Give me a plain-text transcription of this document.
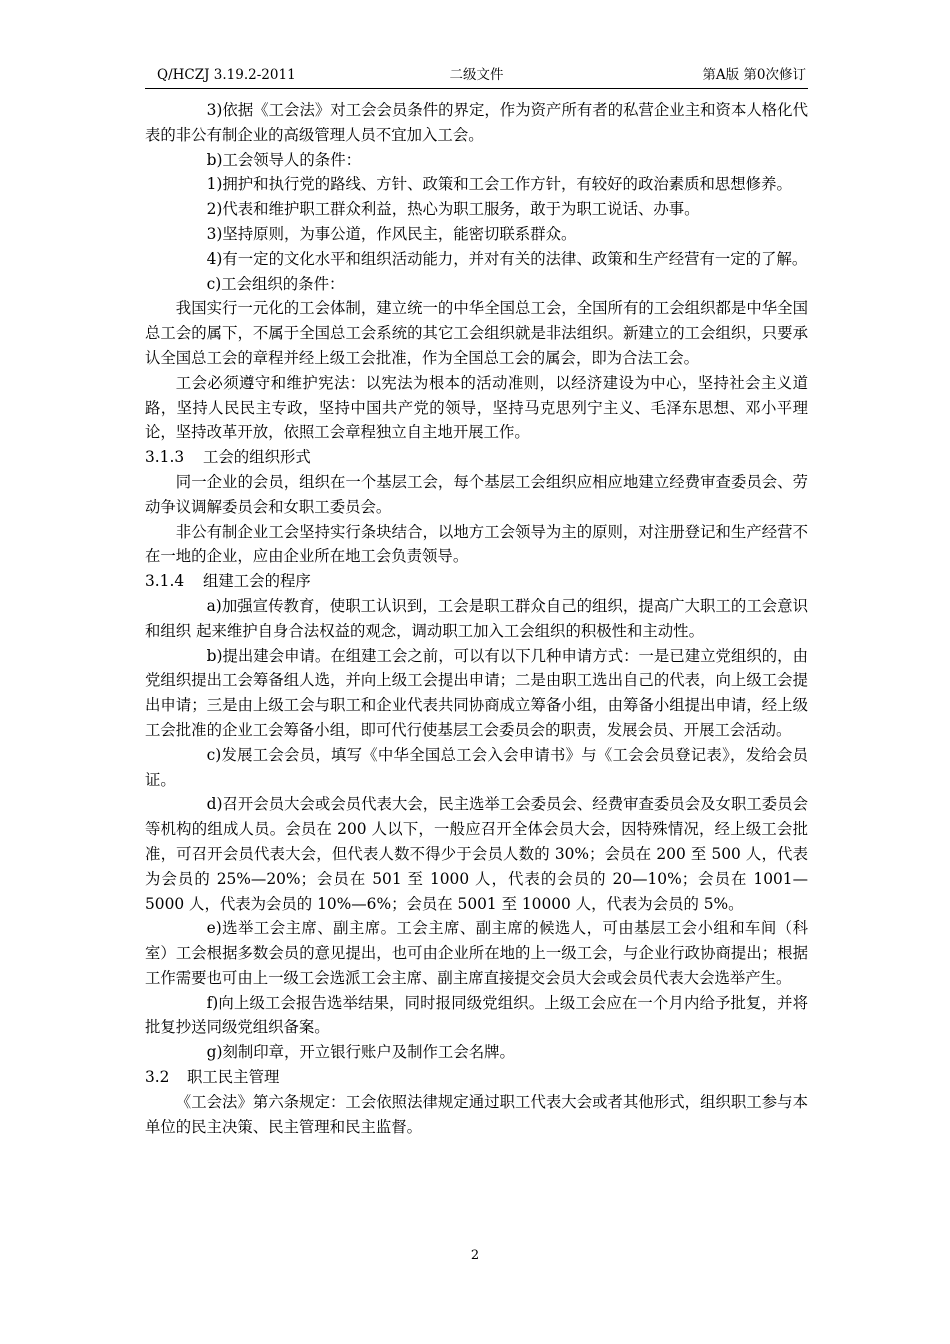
Q/HCZJ 3.19.2-2011	二级文件	第A版 第0次修订

3)依据《工会法》对工会会员条件的界定，作为资产所有者的私营企业主和资本人格化代表的非公有制企业的高级管理人员不宜加入工会。

b)工会领导人的条件：

1)拥护和执行党的路线、方针、政策和工会工作方针，有较好的政治素质和思想修养。

2)代表和维护职工群众利益，热心为职工服务，敢于为职工说话、办事。

3)坚持原则，为事公道，作风民主，能密切联系群众。

4)有一定的文化水平和组织活动能力，并对有关的法律、政策和生产经营有一定的了解。

c)工会组织的条件：

我国实行一元化的工会体制，建立统一的中华全国总工会，全国所有的工会组织都是中华全国总工会的属下，不属于全国总工会系统的其它工会组织就是非法组织。新建立的工会组织，只要承认全国总工会的章程并经上级工会批准，作为全国总工会的属会，即为合法工会。

工会必须遵守和维护宪法：以宪法为根本的活动准则，以经济建设为中心，坚持社会主义道路，坚持人民民主专政，坚持中国共产党的领导，坚持马克思列宁主义、毛泽东思想、邓小平理论，坚持改革开放，依照工会章程独立自主地开展工作。

3.1.3 工会的组织形式

同一企业的会员，组织在一个基层工会，每个基层工会组织应相应地建立经费审查委员会、劳动争议调解委员会和女职工委员会。

非公有制企业工会坚持实行条块结合，以地方工会领导为主的原则，对注册登记和生产经营不在一地的企业，应由企业所在地工会负责领导。

3.1.4 组建工会的程序

a)加强宣传教育，使职工认识到，工会是职工群众自己的组织，提高广大职工的工会意识和组织 起来维护自身合法权益的观念，调动职工加入工会组织的积极性和主动性。

b)提出建会申请。在组建工会之前，可以有以下几种申请方式：一是已建立党组织的，由党组织提出工会筹备组人选，并向上级工会提出申请；二是由职工选出自己的代表，向上级工会提出申请；三是由上级工会与职工和企业代表共同协商成立筹备小组，由筹备小组提出申请，经上级工会批准的企业工会筹备小组，即可代行使基层工会委员会的职责，发展会员、开展工会活动。

c)发展工会会员，填写《中华全国总工会入会申请书》与《工会会员登记表》，发给会员证。

d)召开会员大会或会员代表大会，民主选举工会委员会、经费审查委员会及女职工委员会等机构的组成人员。会员在 200 人以下，一般应召开全体会员大会，因特殊情况，经上级工会批准，可召开会员代表大会，但代表人数不得少于会员人数的 30%；会员在 200 至 500 人，代表为会员的 25%—20%；会员在 501 至 1000 人，代表的会员的 20—10%；会员在 1001—5000 人，代表为会员的 10%—6%；会员在 5001 至 10000 人，代表为会员的 5%。

e)选举工会主席、副主席。工会主席、副主席的候选人，可由基层工会小组和车间（科室）工会根据多数会员的意见提出，也可由企业所在地的上一级工会，与企业行政协商提出；根据工作需要也可由上一级工会选派工会主席、副主席直接提交会员大会或会员代表大会选举产生。

f)向上级工会报告选举结果，同时报同级党组织。上级工会应在一个月内给予批复，并将批复抄送同级党组织备案。

g)刻制印章，开立银行账户及制作工会名牌。

3.2 职工民主管理

《工会法》第六条规定：工会依照法律规定通过职工代表大会或者其他形式，组织职工参与本单位的民主决策、民主管理和民主监督。

2
